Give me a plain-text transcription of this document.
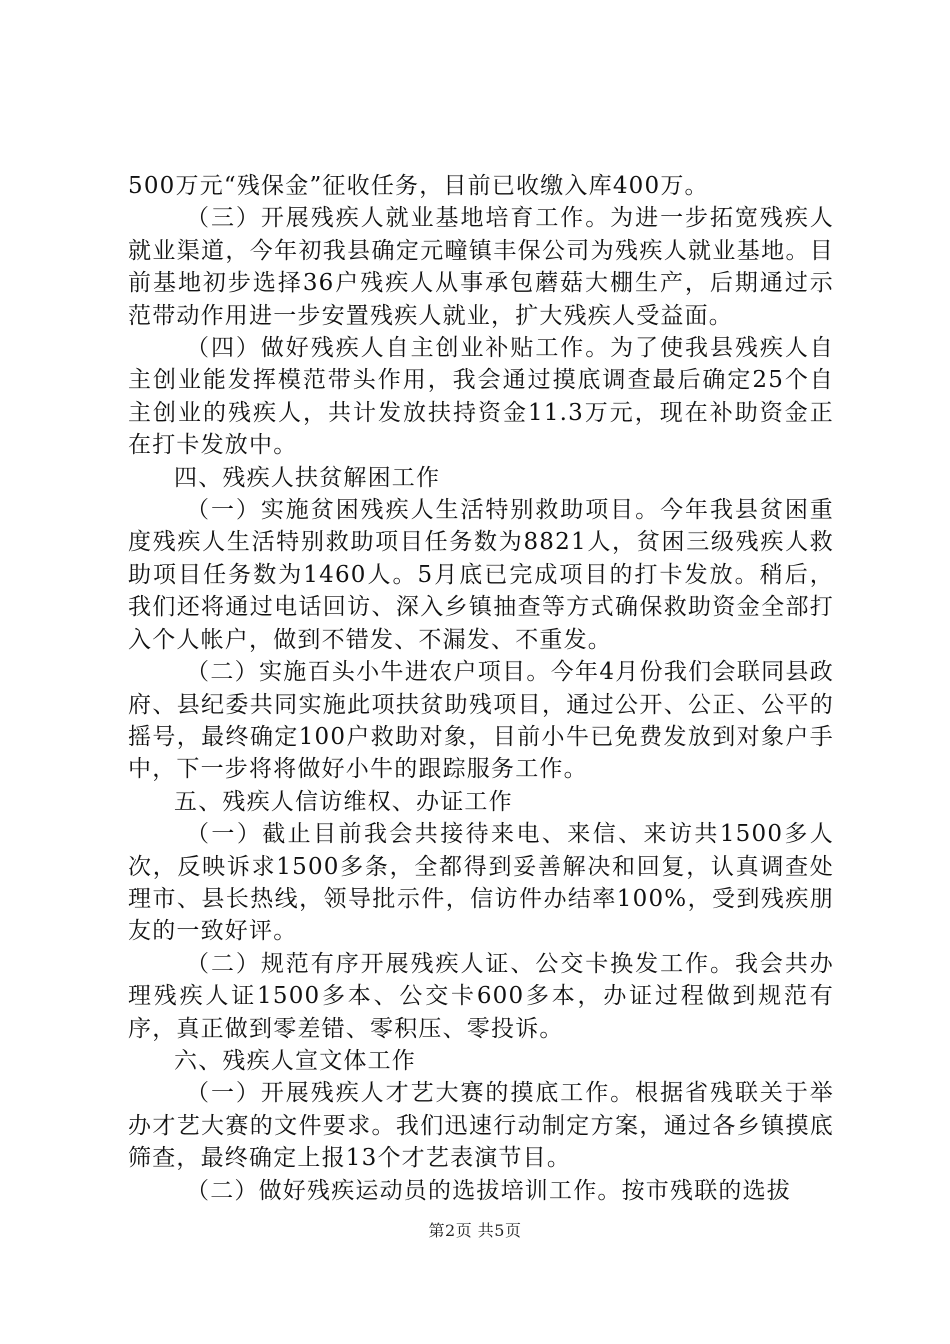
500万元“残保金”征收任务，目前已收缴入库400万。

（三）开展残疾人就业基地培育工作。为进一步拓宽残疾人就业渠道，今年初我县确定元疃镇丰保公司为残疾人就业基地。目前基地初步选择36户残疾人从事承包蘑菇大棚生产，后期通过示范带动作用进一步安置残疾人就业，扩大残疾人受益面。

（四）做好残疾人自主创业补贴工作。为了使我县残疾人自主创业能发挥模范带头作用，我会通过摸底调查最后确定25个自主创业的残疾人，共计发放扶持资金11.3万元，现在补助资金正在打卡发放中。

四、残疾人扶贫解困工作

（一）实施贫困残疾人生活特别救助项目。今年我县贫困重度残疾人生活特别救助项目任务数为8821人，贫困三级残疾人救助项目任务数为1460人。5月底已完成项目的打卡发放。稍后，我们还将通过电话回访、深入乡镇抽查等方式确保救助资金全部打入个人帐户，做到不错发、不漏发、不重发。

（二）实施百头小牛进农户项目。今年4月份我们会联同县政府、县纪委共同实施此项扶贫助残项目，通过公开、公正、公平的摇号，最终确定100户救助对象，目前小牛已免费发放到对象户手中，下一步将将做好小牛的跟踪服务工作。

五、残疾人信访维权、办证工作

（一）截止目前我会共接待来电、来信、来访共1500多人次，反映诉求1500多条，全都得到妥善解决和回复，认真调查处理市、县长热线，领导批示件，信访件办结率100%，受到残疾朋友的一致好评。

（二）规范有序开展残疾人证、公交卡换发工作。我会共办理残疾人证1500多本、公交卡600多本，办证过程做到规范有序，真正做到零差错、零积压、零投诉。

六、残疾人宣文体工作

（一）开展残疾人才艺大赛的摸底工作。根据省残联关于举办才艺大赛的文件要求。我们迅速行动制定方案，通过各乡镇摸底筛查，最终确定上报13个才艺表演节目。

（二）做好残疾运动员的选拔培训工作。按市残联的选拔

第2页 共5页
